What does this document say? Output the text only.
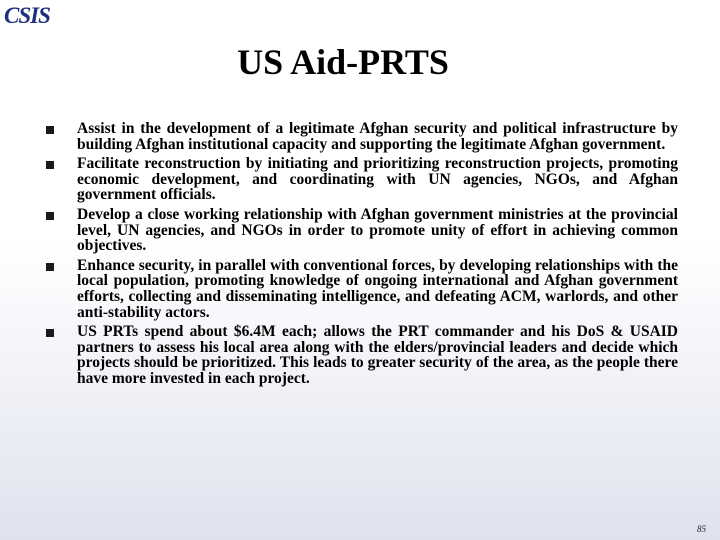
CSIS
US Aid-PRTS
Assist in the development of a legitimate Afghan security and political infrastructure by building Afghan institutional capacity and supporting the legitimate Afghan government.
Facilitate reconstruction by initiating and prioritizing reconstruction projects, promoting economic development, and coordinating with UN agencies, NGOs, and Afghan government officials.
Develop a close working relationship with Afghan government ministries at the provincial level, UN agencies, and NGOs in order to promote unity of effort in achieving common objectives.
Enhance security, in parallel with conventional forces, by developing relationships with the local population, promoting knowledge of ongoing international and Afghan government efforts, collecting and disseminating intelligence, and defeating ACM, warlords, and other anti-stability actors.
US PRTs spend about $6.4M each; allows the PRT commander and his DoS & USAID partners to assess his local area along with the elders/provincial leaders and decide which projects should be prioritized. This leads to greater security of the area, as the people there have more invested in each project.
85
